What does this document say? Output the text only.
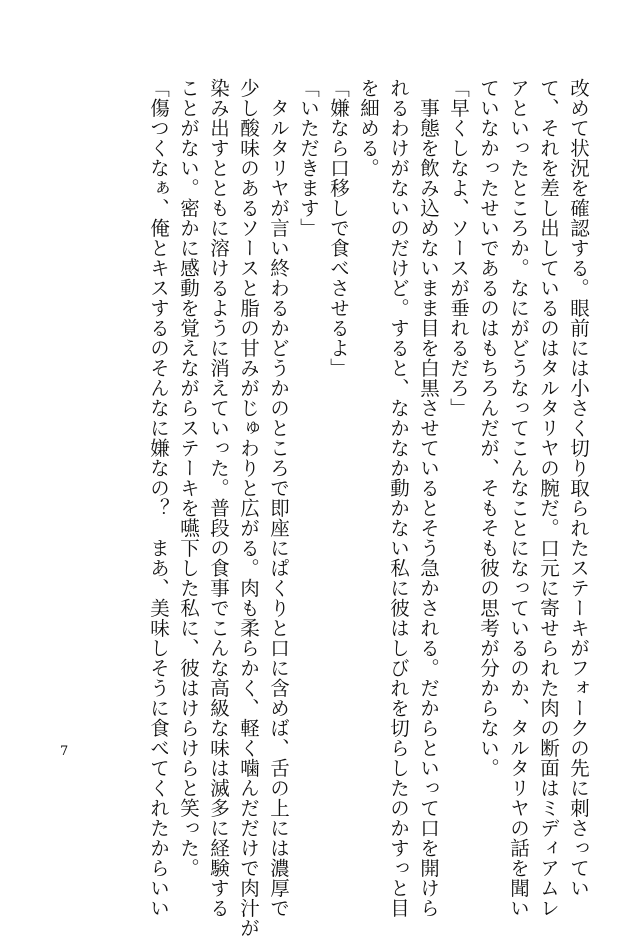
改めて状況を確認する。眼前には小さく切り取られたステーキがフォークの先に刺さってい
て、それを差し出しているのはタルタリヤの腕だ。口元に寄せられた肉の断面はミディアムレ
アといったところか。なにがどうなってこんなことになっているのか、タルタリヤの話を聞い
ていなかったせいであるのはもちろんだが、そもそも彼の思考が分からない。
「早くしなよ、ソースが垂れるだろ」
　事態を飲み込めないまま目を白黒させているとそう急かされる。だからといって口を開けら
れるわけがないのだけど。すると、なかなか動かない私に彼はしびれを切らしたのかすっと目
を細める。
「嫌なら口移しで食べさせるよ」
「いただきます」
　タルタリヤが言い終わるかどうかのところで即座にぱくりと口に含めば、舌の上には濃厚で
少し酸味のあるソースと脂の甘みがじゅわりと広がる。肉も柔らかく、軽く噛んだだけで肉汁が
染み出すとともに溶けるように消えていった。普段の食事でこんな高級な味は滅多に経験する
ことがない。密かに感動を覚えながらステーキを嚥下した私に、彼はけらけらと笑った。
「傷つくなぁ、俺とキスするのそんなに嫌なの？　まあ、美味しそうに食べてくれたからいい
7
